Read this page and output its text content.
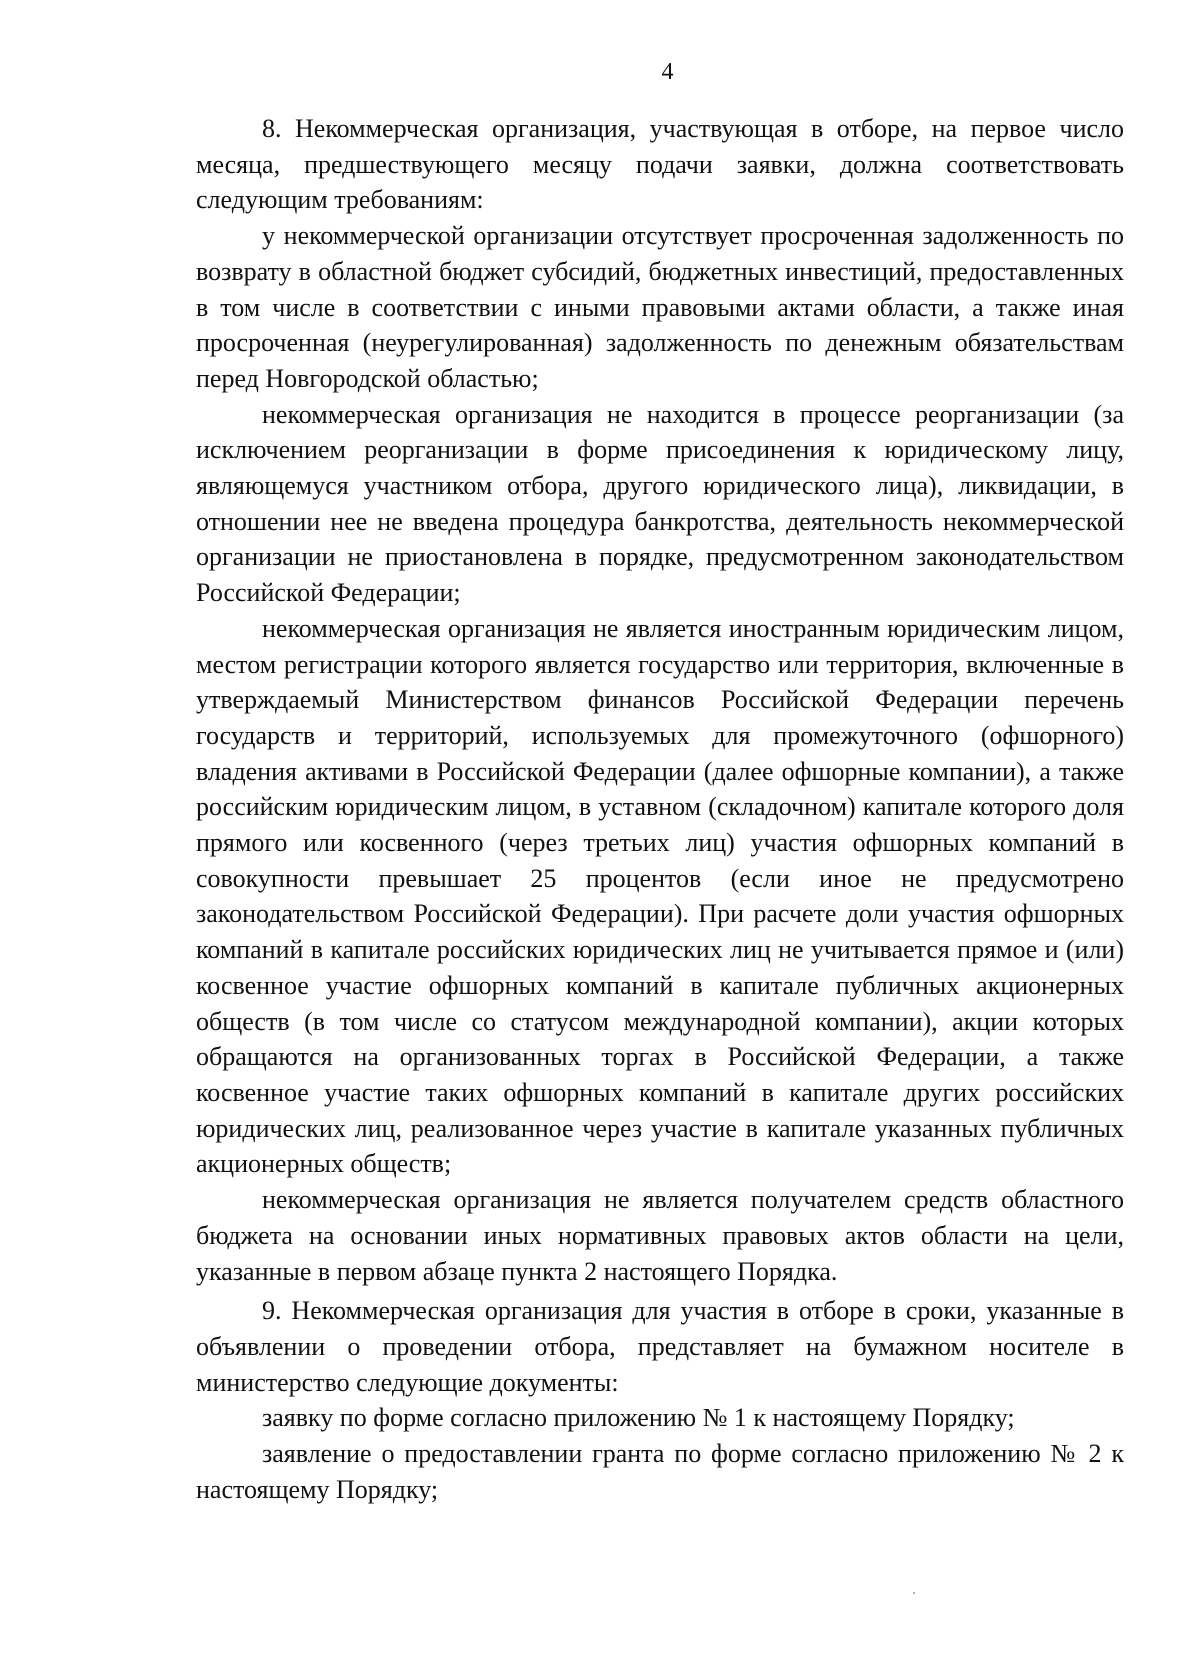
4

8. Некоммерческая организация, участвующая в отборе, на первое число месяца, предшествующего месяцу подачи заявки, должна соответствовать следующим требованиям:

у некоммерческой организации отсутствует просроченная задолженность по возврату в областной бюджет субсидий, бюджетных инвестиций, предоставленных в том числе в соответствии с иными правовыми актами области, а также иная просроченная (неурегулированная) задолженность по денежным обязательствам перед Новгородской областью;

некоммерческая организация не находится в процессе реорганизации (за исключением реорганизации в форме присоединения к юридическому лицу, являющемуся участником отбора, другого юридического лица), ликвидации, в отношении нее не введена процедура банкротства, деятельность некоммерческой организации не приостановлена в порядке, предусмотренном законодательством Российской Федерации;

некоммерческая организация не является иностранным юридическим лицом, местом регистрации которого является государство или территория, включенные в утверждаемый Министерством финансов Российской Федерации перечень государств и территорий, используемых для промежуточного (офшорного) владения активами в Российской Федерации (далее офшорные компании), а также российским юридическим лицом, в уставном (складочном) капитале которого доля прямого или косвенного (через третьих лиц) участия офшорных компаний в совокупности превышает 25 процентов (если иное не предусмотрено законодательством Российской Федерации). При расчете доли участия офшорных компаний в капитале российских юридических лиц не учитывается прямое и (или) косвенное участие офшорных компаний в капитале публичных акционерных обществ (в том числе со статусом международной компании), акции которых обращаются на организованных торгах в Российской Федерации, а также косвенное участие таких офшорных компаний в капитале других российских юридических лиц, реализованное через участие в капитале указанных публичных акционерных обществ;

некоммерческая организация не является получателем средств областного бюджета на основании иных нормативных правовых актов области на цели, указанные в первом абзаце пункта 2 настоящего Порядка.

9. Некоммерческая организация для участия в отборе в сроки, указанные в объявлении о проведении отбора, представляет на бумажном носителе в министерство следующие документы:

заявку по форме согласно приложению № 1 к настоящему Порядку;

заявление о предоставлении гранта по форме согласно приложению № 2 к настоящему Порядку;
